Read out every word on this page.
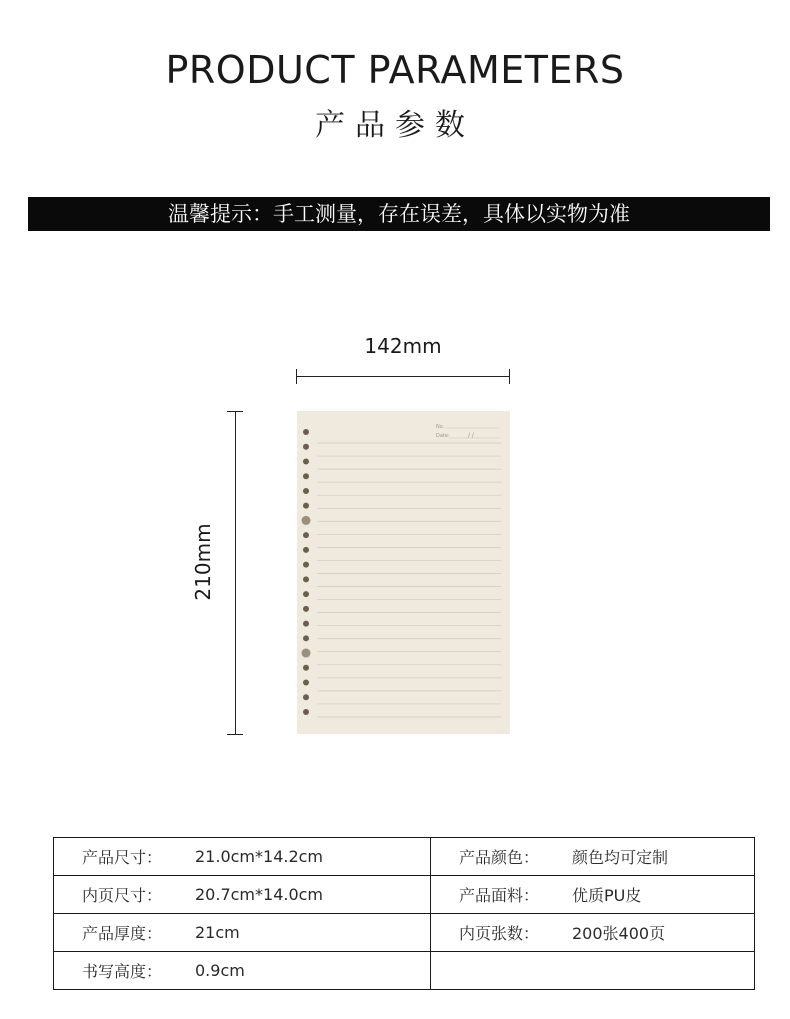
PRODUCT PARAMETERS
产品参数
温馨提示：手工测量，存在误差，具体以实物为准
142mm
210mm
No.
Date:	/ /
产品尺寸： 21.0cm*14.2cm	产品颜色： 颜色均可定制

内页尺寸： 20.7cm*14.0cm	产品面料： 优质PU皮

产品厚度： 21cm	内页张数： 200张400页

书写高度： 0.9cm	
